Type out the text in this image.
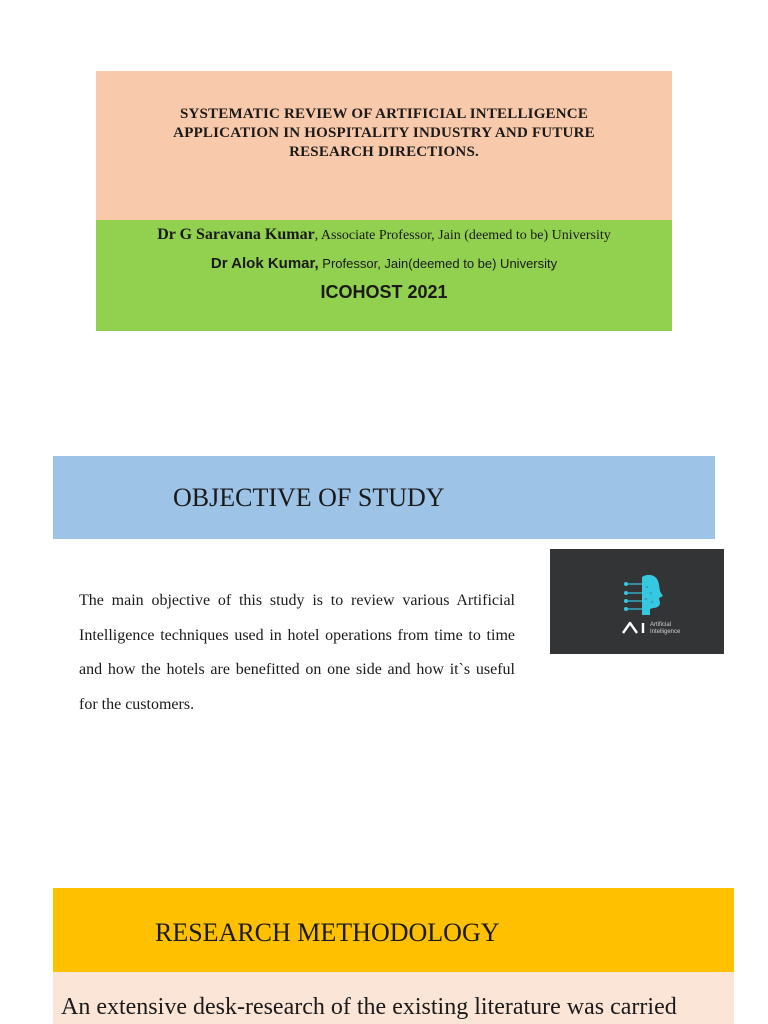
SYSTEMATIC REVIEW OF ARTIFICIAL INTELLIGENCE
APPLICATION IN HOSPITALITY INDUSTRY AND FUTURE
RESEARCH DIRECTIONS.
Dr G Saravana Kumar, Associate Professor, Jain (deemed to be) University
Dr Alok Kumar, Professor, Jain(deemed to be) University
ICOHOST 2021
OBJECTIVE OF STUDY
The main objective of this study is to review various Artificial Intelligence techniques used in hotel operations from time to time and how the hotels are benefitted on one side and how it`s useful for the customers.
Artificial
Intelligence
RESEARCH METHODOLOGY
An extensive desk-research of the existing literature was carried
